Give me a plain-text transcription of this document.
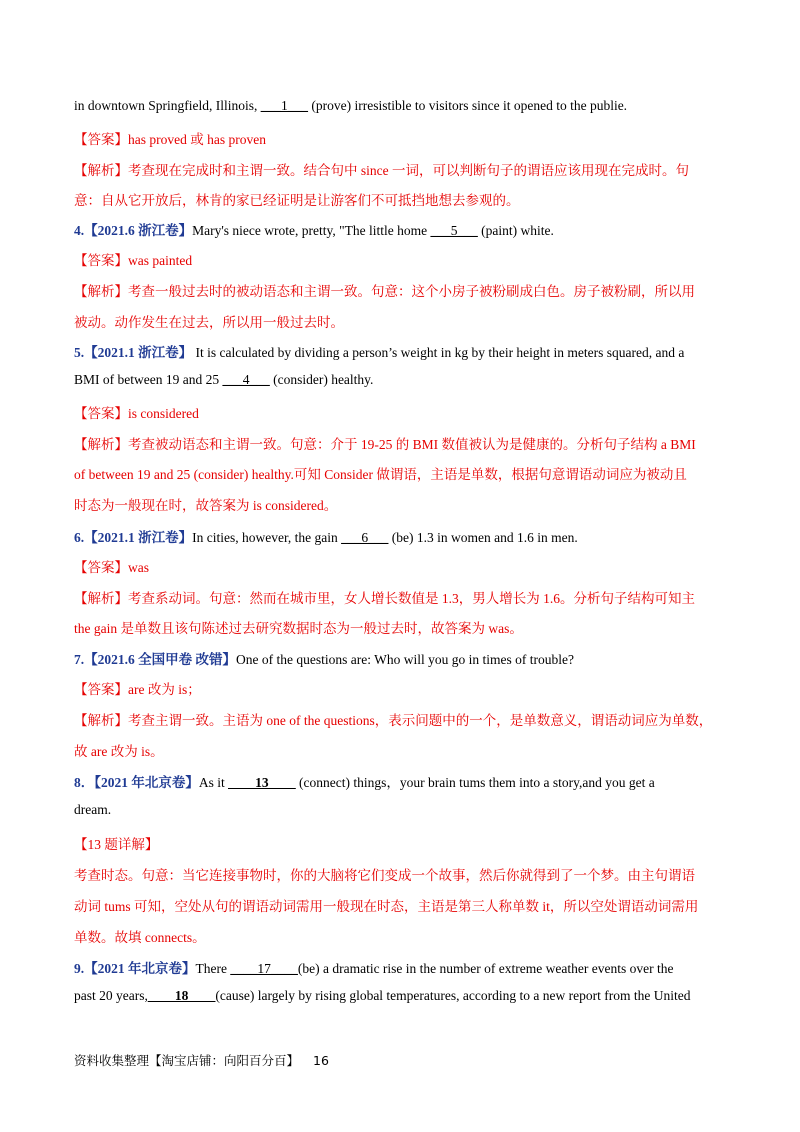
in downtown Springfield, Illinois, ___1___ (prove) irresistible to visitors since it opened to the publie.
【答案】has proved 或 has proven
【解析】考查现在完成时和主谓一致。结合句中 since 一词，可以判断句子的谓语应该用现在完成时。句
意：自从它开放后，林肯的家已经证明是让游客们不可抵挡地想去参观的。
4.【2021.6 浙江卷】Mary's niece wrote, pretty, "The little home ___5___ (paint) white.
【答案】was painted
【解析】考查一般过去时的被动语态和主谓一致。句意：这个小房子被粉刷成白色。房子被粉刷，所以用
被动。动作发生在过去，所以用一般过去时。
5.【2021.1 浙江卷】 It is calculated by dividing a person’s weight in kg by their height in meters squared, and a
BMI of between 19 and 25 ___4___ (consider) healthy.
【答案】is considered
【解析】考查被动语态和主谓一致。句意：介于 19-25 的 BMI 数值被认为是健康的。分析句子结构 a BMI
of between 19 and 25 (consider) healthy.可知 Consider 做谓语，主语是单数，根据句意谓语动词应为被动且
时态为一般现在时，故答案为 is considered。
6.【2021.1 浙江卷】In cities, however, the gain ___6___ (be) 1.3 in women and 1.6 in men.
【答案】was
【解析】考查系动词。句意：然而在城市里，女人增长数值是 1.3，男人增长为 1.6。分析句子结构可知主
the gain 是单数且该句陈述过去研究数据时态为一般过去时，故答案为 was。
7.【2021.6 全国甲卷 改错】One of the questions are: Who will you go in times of trouble?
【答案】are 改为 is；
【解析】考查主谓一致。主语为 one of the questions，表示问题中的一个，是单数意义，谓语动词应为单数，
故 are 改为 is。
8．【2021 年北京卷】As it ____13____ (connect) things，your brain tums them into a story,and you get a
dream.
【13 题详解】
考查时态。句意：当它连接事物时，你的大脑将它们变成一个故事，然后你就得到了一个梦。由主句谓语
动词 tums 可知，空处从句的谓语动词需用一般现在时态，主语是第三人称单数 it，所以空处谓语动词需用
单数。故填 connects。
9.【2021 年北京卷】There ____17____(be) a dramatic rise in the number of extreme weather events over the
past 20 years,____18____(cause) largely by rising global temperatures, according to a new report from the United
资料收集整理【淘宝店铺：向阳百分百】 16
